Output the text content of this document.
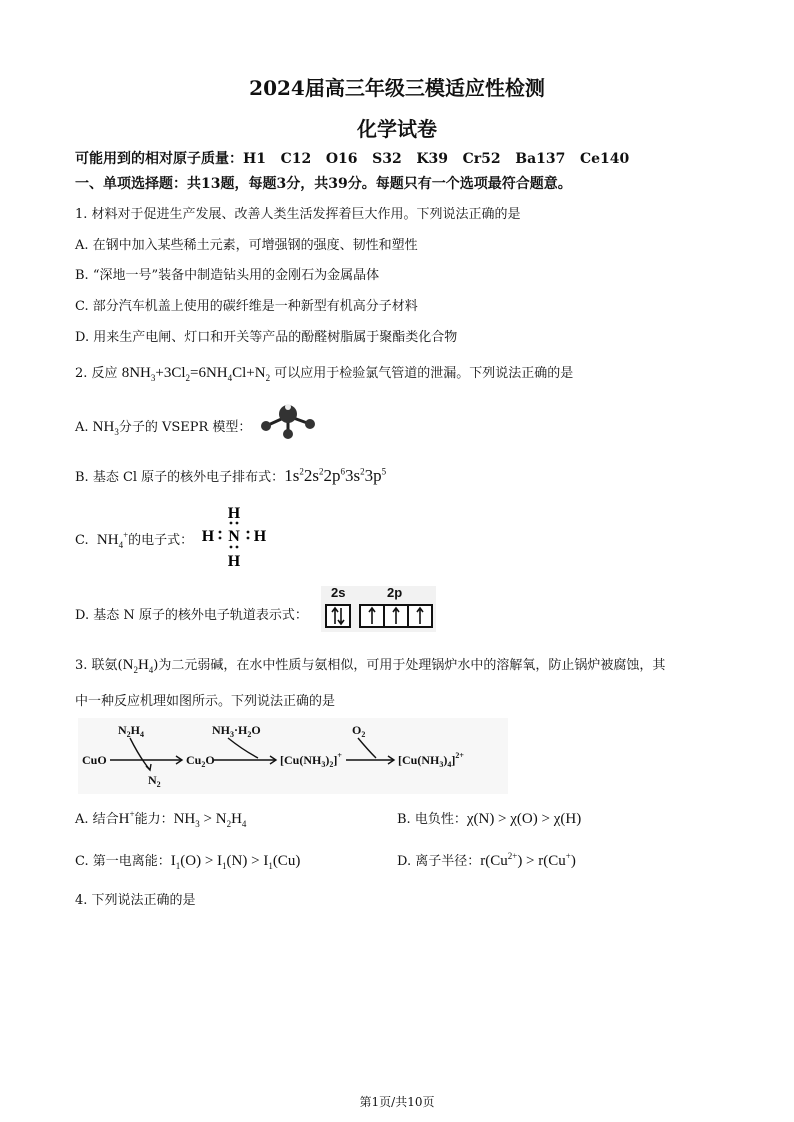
2024届高三年级三模适应性检测
化学试卷
可能用到的相对原子质量：H1   C12   O16   S32   K39   Cr52   Ba137   Ce140
一、单项选择题：共13题，每题3分，共39分。每题只有一个选项最符合题意。
1. 材料对于促进生产发展、改善人类生活发挥着巨大作用。下列说法正确的是
A. 在钢中加入某些稀土元素，可增强钢的强度、韧性和塑性
B. “深地一号”装备中制造钻头用的金刚石为金属晶体
C. 部分汽车机盖上使用的碳纤维是一种新型有机高分子材料
D. 用来生产电闸、灯口和开关等产品的酚醛树脂属于聚酯类化合物
2. 反应 $8NH_3+3Cl_2=6NH_4Cl+N_2$ 可以应用于检验氯气管道的泄漏。下列说法正确的是
A. $NH_3$分子的 VSEPR 模型：
B. 基态 Cl 原子的核外电子排布式：$1s^22s^22p^63s^23p^5$
C.  $NH_4^+$的电子式：
H
N
H
H H
D. 基态 N 原子的核外电子轨道表示式：
2s	2p
3. 联氨$(N_2H_4)$为二元弱碱，在水中性质与氨相似，可用于处理锅炉水中的溶解氧，防止锅炉被腐蚀，其
中一种反应机理如图所示。下列说法正确的是
CuO	$Cu_2O$	$[Cu(NH_3)_2]^+$	$[Cu(NH_3)_4]^{2+}$
$N_2H_4$
$N_2$
$NH_3\cdot H_2O$	$O_2$
A. 结合H+能力：$NH_3 > N_2H_4$	B. 电负性：χ(N) > χ(O) > χ(H)
C. 第一电离能：$I_1(O) > I_1(N) > I_1(Cu)$	D. 离子半径：$r(Cu^{2+}) > r(Cu^+)$
4. 下列说法正确的是
第1页/共10页
